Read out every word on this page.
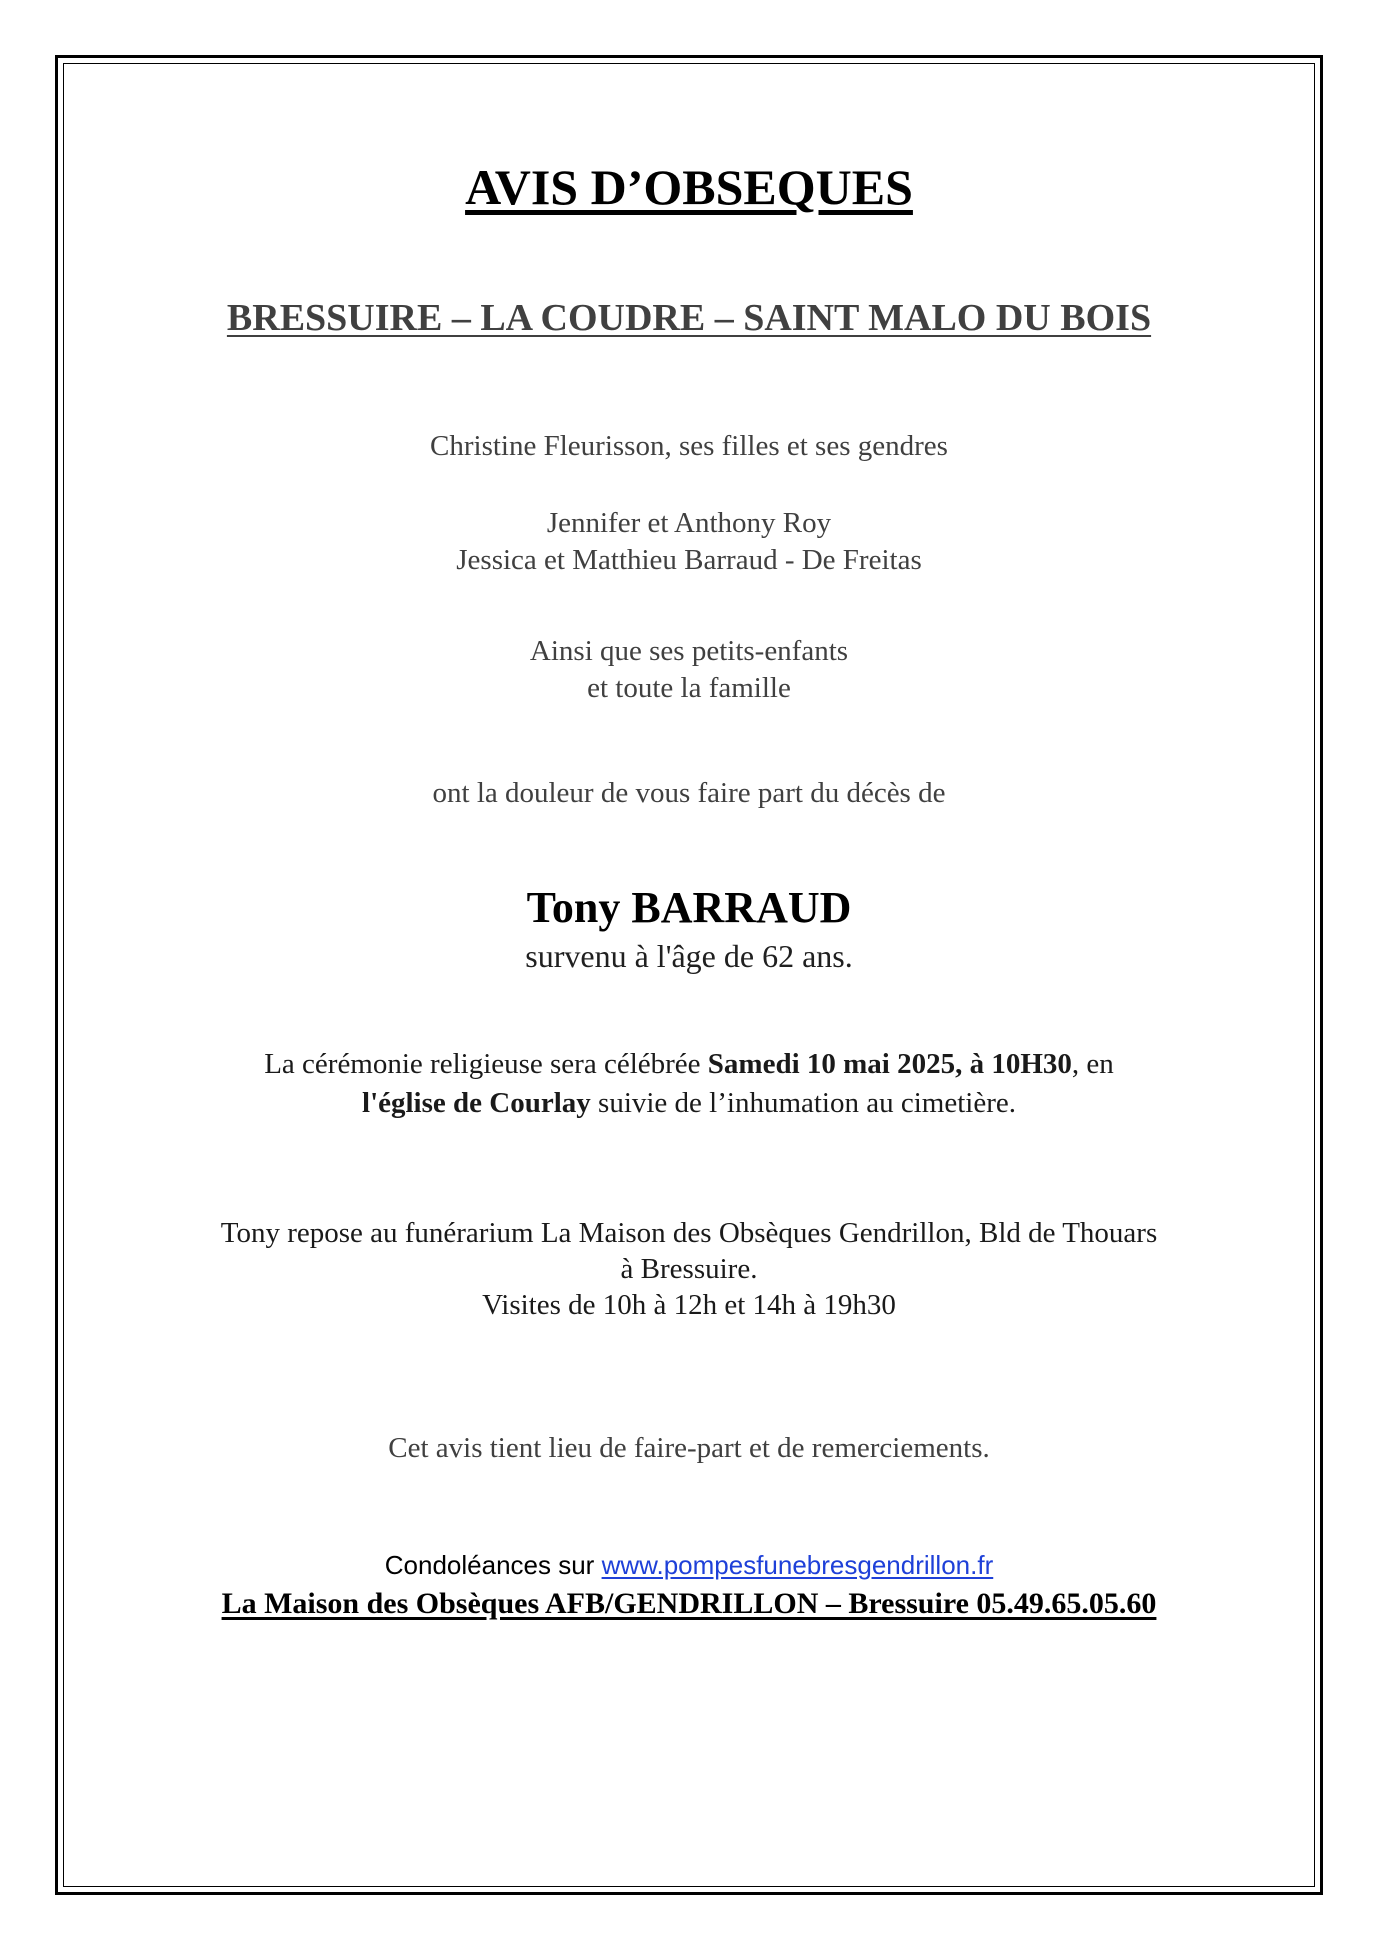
AVIS D’OBSEQUES
BRESSUIRE – LA COUDRE – SAINT MALO DU BOIS
Christine Fleurisson, ses filles et ses gendres
Jennifer et Anthony Roy
Jessica et Matthieu Barraud - De Freitas
Ainsi que ses petits-enfants
et toute la famille
ont la douleur de vous faire part du décès de
Tony BARRAUD
survenu à l'âge de 62 ans.
La cérémonie religieuse sera célébrée Samedi 10 mai 2025, à 10H30, en
l'église de Courlay suivie de l’inhumation au cimetière.
Tony repose au funérarium La Maison des Obsèques Gendrillon, Bld de Thouars
à Bressuire.
Visites de 10h à 12h et 14h à 19h30
Cet avis tient lieu de faire-part et de remerciements.
Condoléances sur www.pompesfunebresgendrillon.fr
La Maison des Obsèques AFB/GENDRILLON – Bressuire 05.49.65.05.60
